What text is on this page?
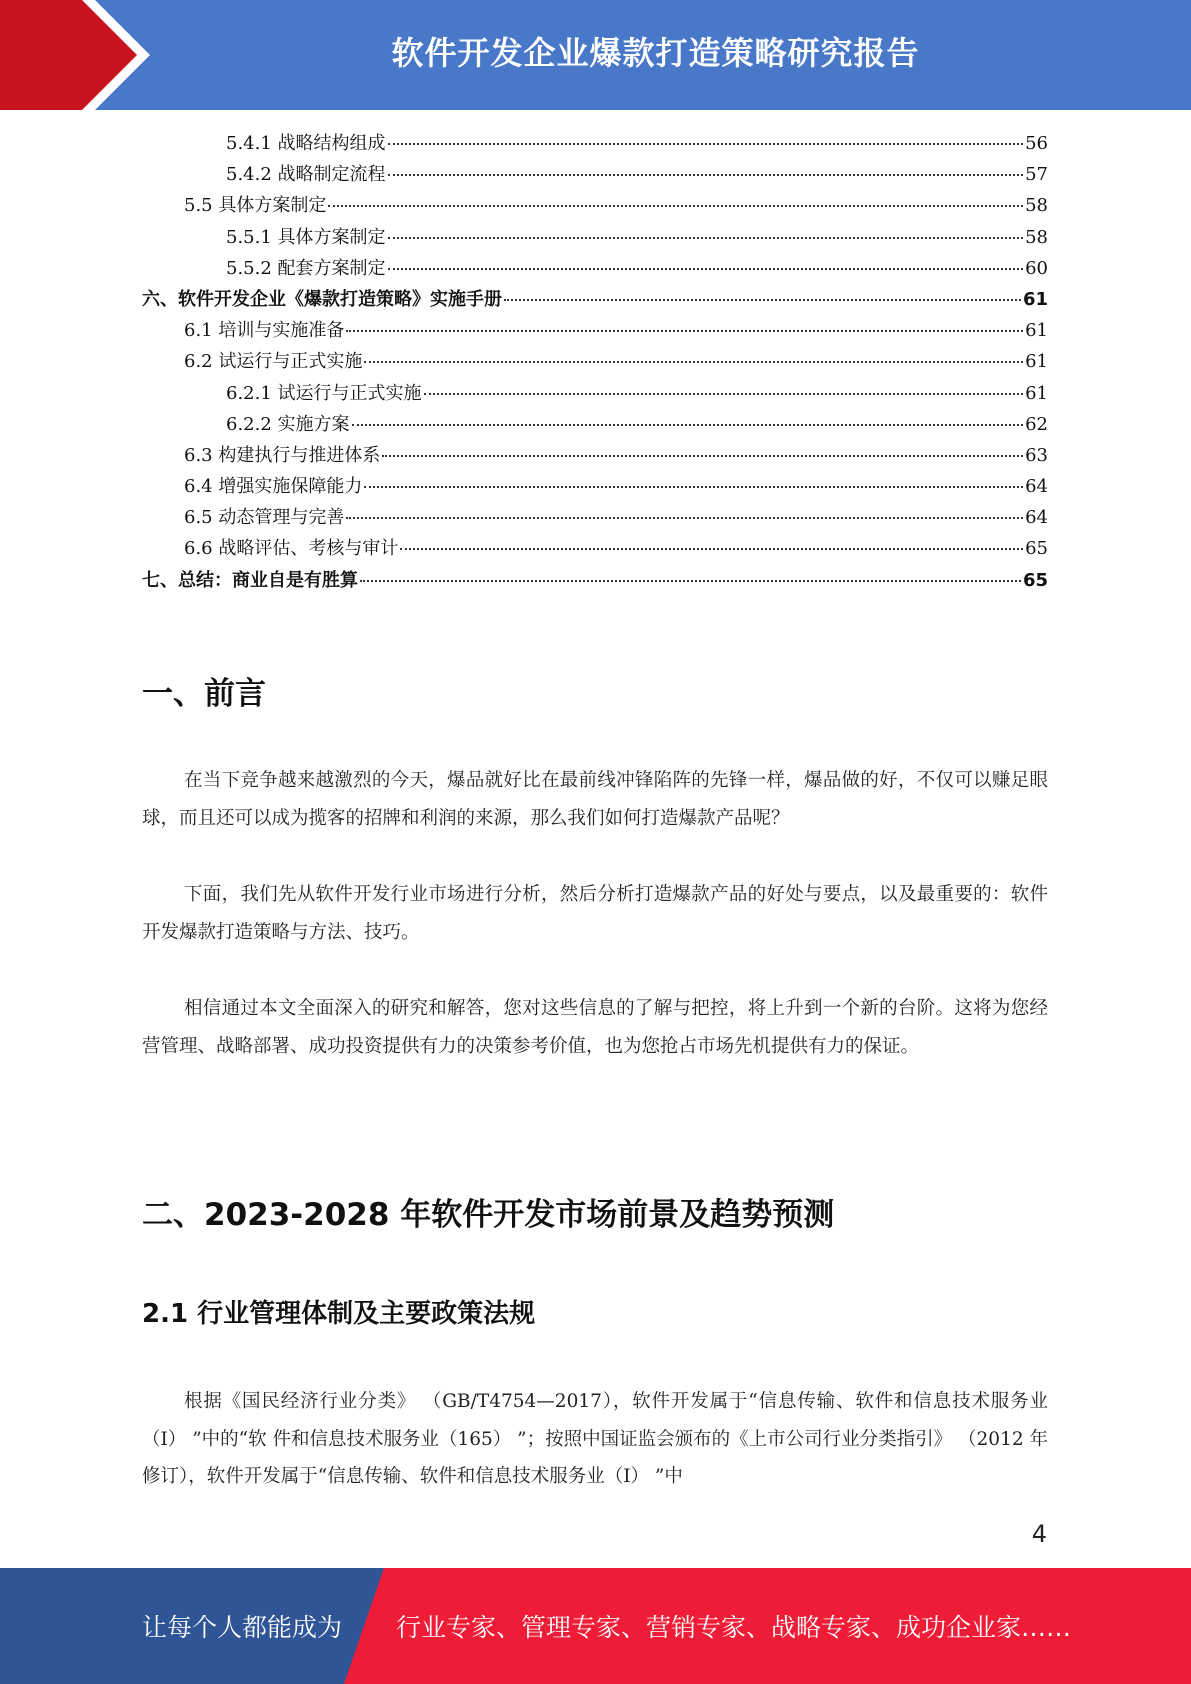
软件开发企业爆款打造策略研究报告
5.4.1 战略结构组成	56
5.4.2 战略制定流程	57
5.5 具体方案制定	58
5.5.1 具体方案制定	58
5.5.2 配套方案制定	60
六、软件开发企业《爆款打造策略》实施手册	61
6.1 培训与实施准备	61
6.2 试运行与正式实施	61
6.2.1 试运行与正式实施	61
6.2.2 实施方案	62
6.3 构建执行与推进体系	63
6.4 增强实施保障能力	64
6.5 动态管理与完善	64
6.6 战略评估、考核与审计	65
七、总结：商业自是有胜算	65
一、前言

在当下竞争越来越激烈的今天，爆品就好比在最前线冲锋陷阵的先锋一样，爆品做的好，不仅可以赚足眼球，而且还可以成为揽客的招牌和利润的来源，那么我们如何打造爆款产品呢？

下面，我们先从软件开发行业市场进行分析，然后分析打造爆款产品的好处与要点，以及最重要的：软件开发爆款打造策略与方法、技巧。

相信通过本文全面深入的研究和解答，您对这些信息的了解与把控，将上升到一个新的台阶。这将为您经营管理、战略部署、成功投资提供有力的决策参考价值，也为您抢占市场先机提供有力的保证。

二、2023-2028 年软件开发市场前景及趋势预测
2.1 行业管理体制及主要政策法规

根据《国民经济行业分类》 （GB/T4754—2017），软件开发属于“信息传输、软件和信息技术服务业（I） ”中的“软 件和信息技术服务业（165） ”；按照中国证监会颁布的《上市公司行业分类指引》 （2012 年修订），软件开发属于“信息传输、软件和信息技术服务业（I） ”中

4
让每个人都能成为 行业专家、管理专家、营销专家、战略专家、成功企业家……
